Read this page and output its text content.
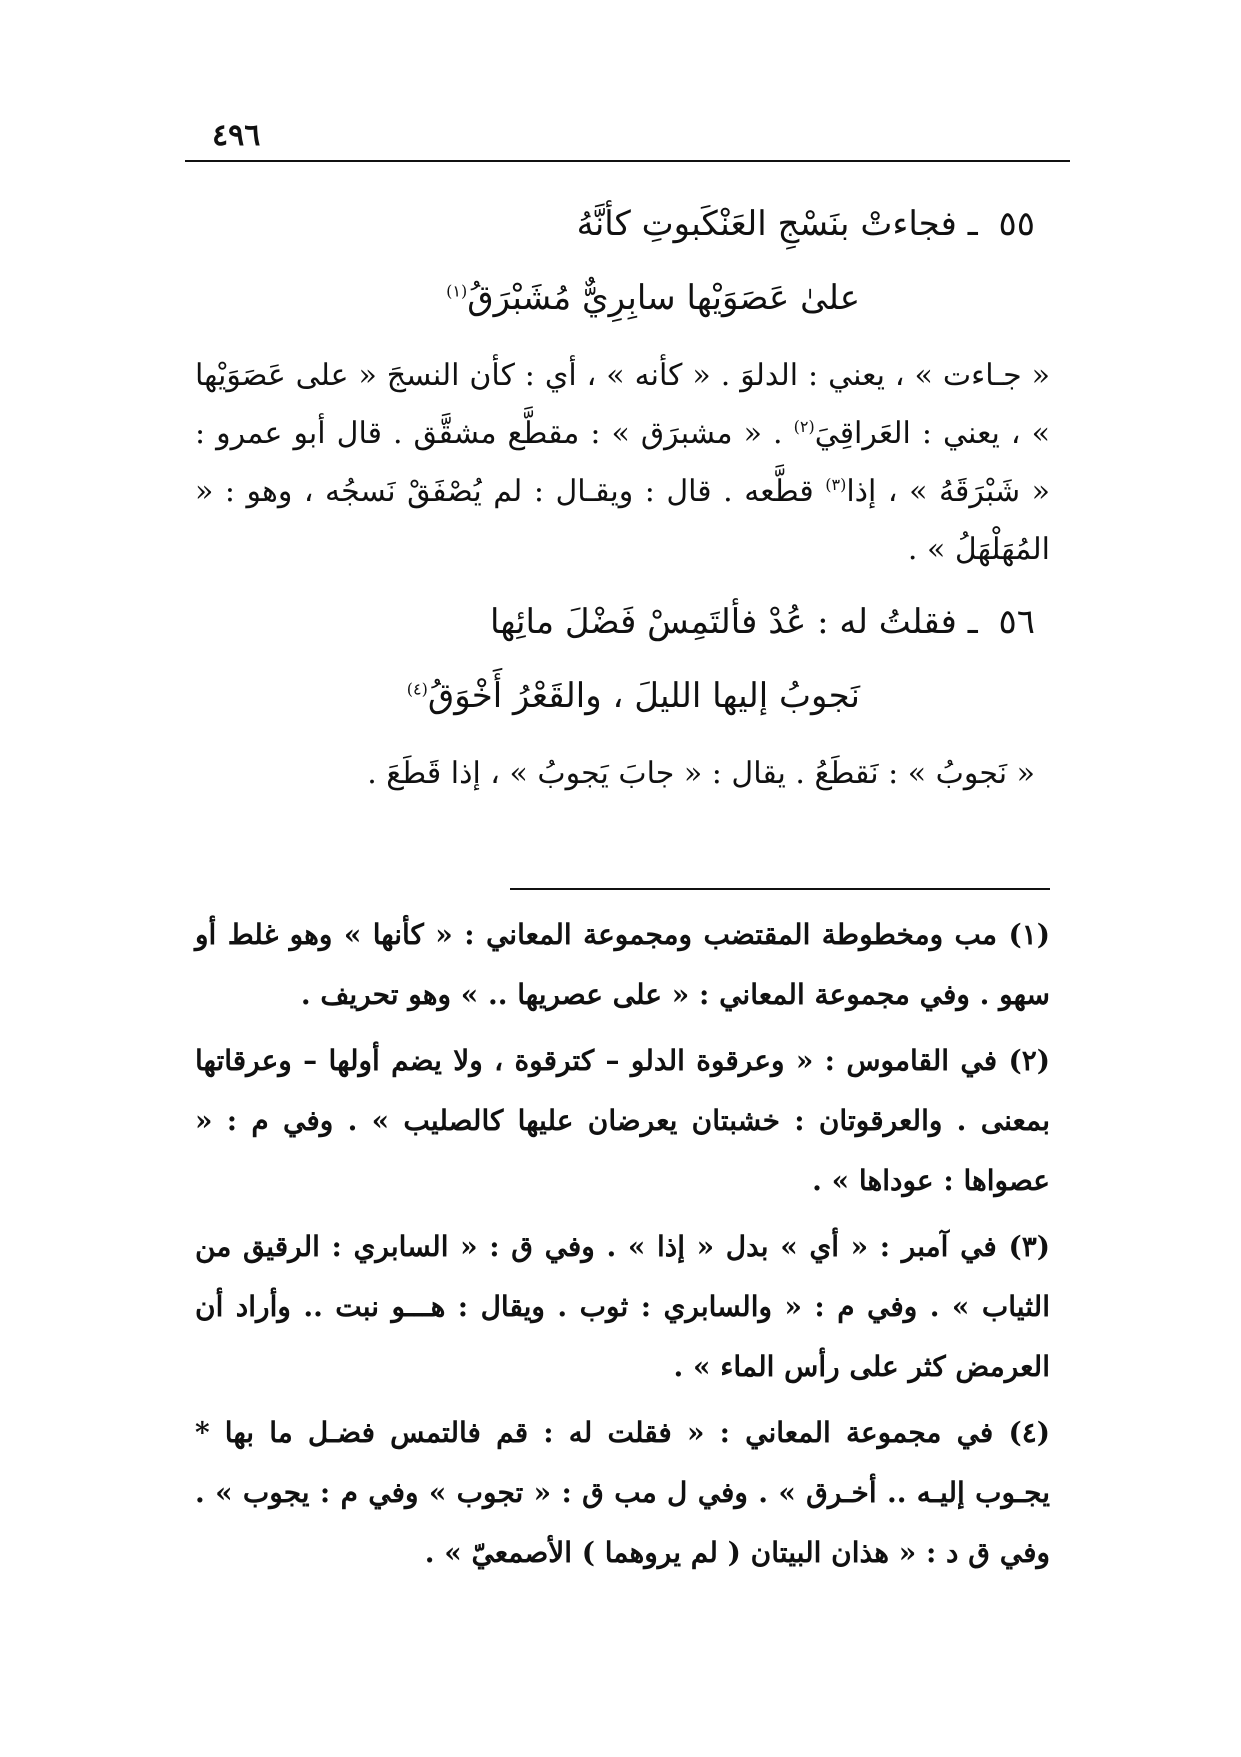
٤٩٦
٥٥ ـ فجاءتْ بنَسْجِ العَنْكَبوتِ كأنَّهُ
علىٰ عَصَوَيْها سابِرِيٌّ مُشَبْرَقُ$^{(١)}$
« جـاءت » ، يعني : الدلوَ . « كأنه » ، أي : كأن النسجَ « على عَصَوَيْها » ، يعني : العَراقِيَ$^{(٢)}$ . « مشبرَق » : مقطَّع مشقَّق . قال أبو عمرو : « شَبْرَقَهُ » ، إذا$^{(٣)}$ قطَّعه . قال : ويقـال : لم يُصْفَقْ نَسجُه ، وهو : « المُهَلْهَلُ » .
٥٦ ـ فقلتُ له : عُدْ فألتَمِسْ فَضْلَ مائِها
نَجوبُ إليها الليلَ ، والقَعْرُ أَخْوَقُ$^{(٤)}$
« نَجوبُ » : نَقطَعُ . يقال : « جابَ يَجوبُ » ، إذا قَطَعَ .
(١) مب ومخطوطة المقتضب ومجموعة المعاني : « كأنها » وهو غلط أو سهو . وفي مجموعة المعاني : « على عصريها .. » وهو تحريف .
(٢) في القاموس : « وعرقوة الدلو – كترقوة ، ولا يضم أولها – وعرقاتها بمعنى . والعرقوتان : خشبتان يعرضان عليها كالصليب » . وفي م : « عصواها : عوداها » .
(٣) في آمبر : « أي » بدل « إذا » . وفي ق : « السابري : الرقيق من الثياب » . وفي م : « والسابري : ثوب . ويقال : هـــو نبت .. وأراد أن العرمض كثر على رأس الماء » .
(٤) في مجموعة المعاني : « فقلت له : قم فالتمس فضـل ما بها * يجـوب إليـه .. أخـرق » . وفي ل مب ق : « تجوب » وفي م : يجوب » . وفي ق د : « هذان البيتان ( لم يروهما ) الأصمعيّ » .
